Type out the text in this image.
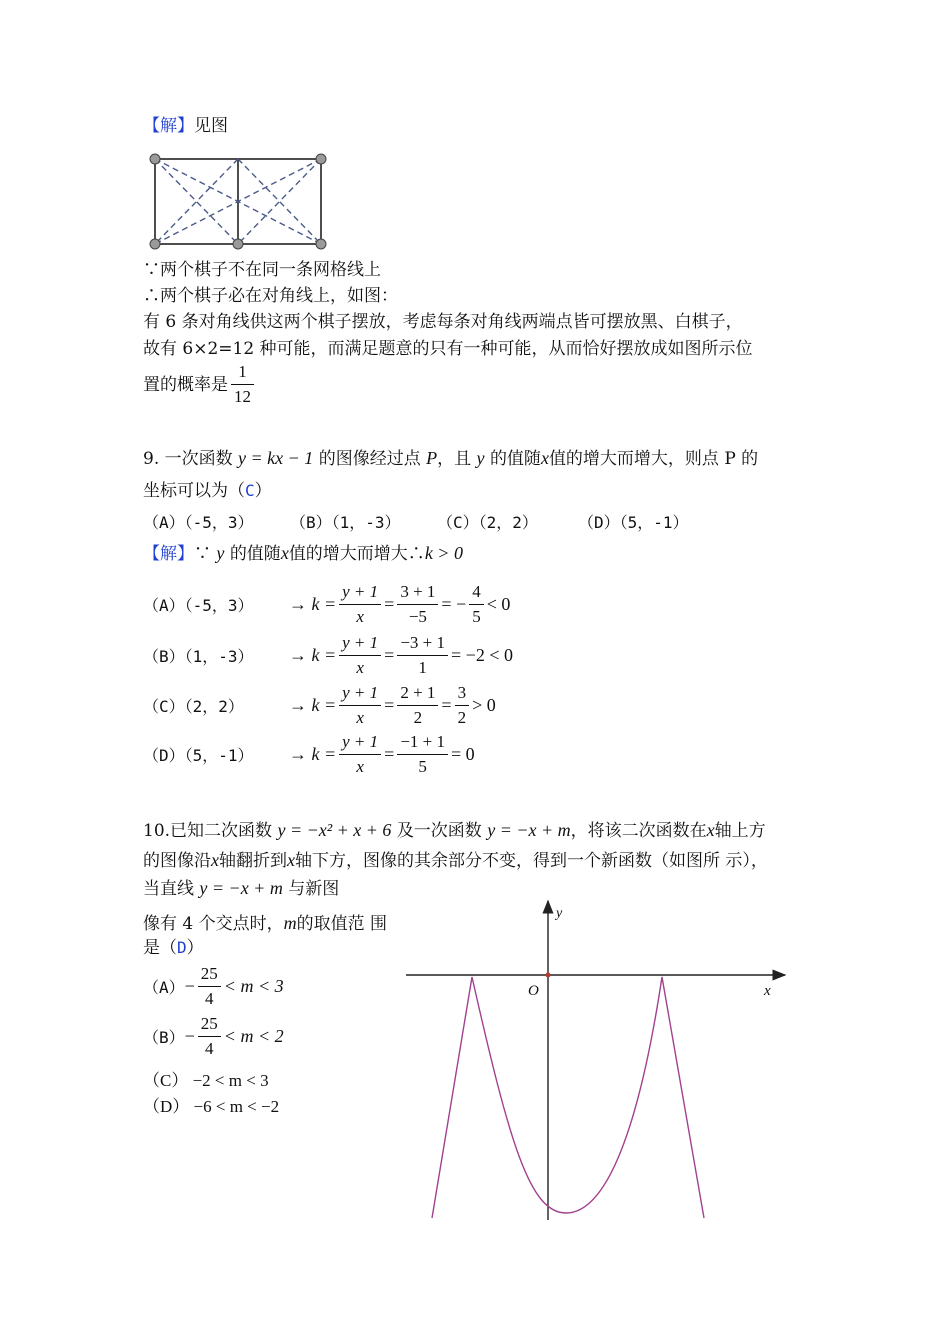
【解】见图
∵两个棋子不在同一条网格线上
∴两个棋子必在对角线上，如图：
有 6 条对角线供这两个棋子摆放，考虑每条对角线两端点皆可摆放黑、白棋子，
故有 6×2=12 种可能，而满足题意的只有一种可能，从而恰好摆放成如图所示位
置的概率是 $\frac{1}{12}$
9. 一次函数 y = kx − 1 的图像经过点 P，且 y 的值随x值的增大而增大，则点 P 的
坐标可以为（C）
（A）（-5，3） （B）（1，-3） （C）（2，2）	（D）（5，-1）
【解】∵ y 的值随x值的增大而增大∴k > 0
（A）（-5，3）	→ $k = \frac{y + 1}{x} = \frac{3 + 1}{-5}$ = − $\frac{4}{5} < 0$
（B）（1，-3）	→ $k = \frac{y + 1}{x} = \frac{-3 + 1}{1} = -2 < 0$
（C）（2，2）	→ $k = \frac{y + 1}{x} = \frac{2 + 1}{2} = \frac{3}{2} > 0$
（D）（5，-1）	→ $k = \frac{y + 1}{x} = \frac{-1 + 1}{5} = 0$
10.已知二次函数 y = −x² + x + 6 及一次函数 y = −x + m，将该二次函数在x轴上方
的图像沿x轴翻折到x轴下方，图像的其余部分不变，得到一个新函数（如图所 示），
当直线 y = −x + m 与新图
像有 4 个交点时，m的取值范 围
是（D）
$(A) - \frac{25}{4} < m < 3$
$(B) - \frac{25}{4} < m < 2$
（C） −2 < m < 3
（D） −6 < m < −2
O
y
x
